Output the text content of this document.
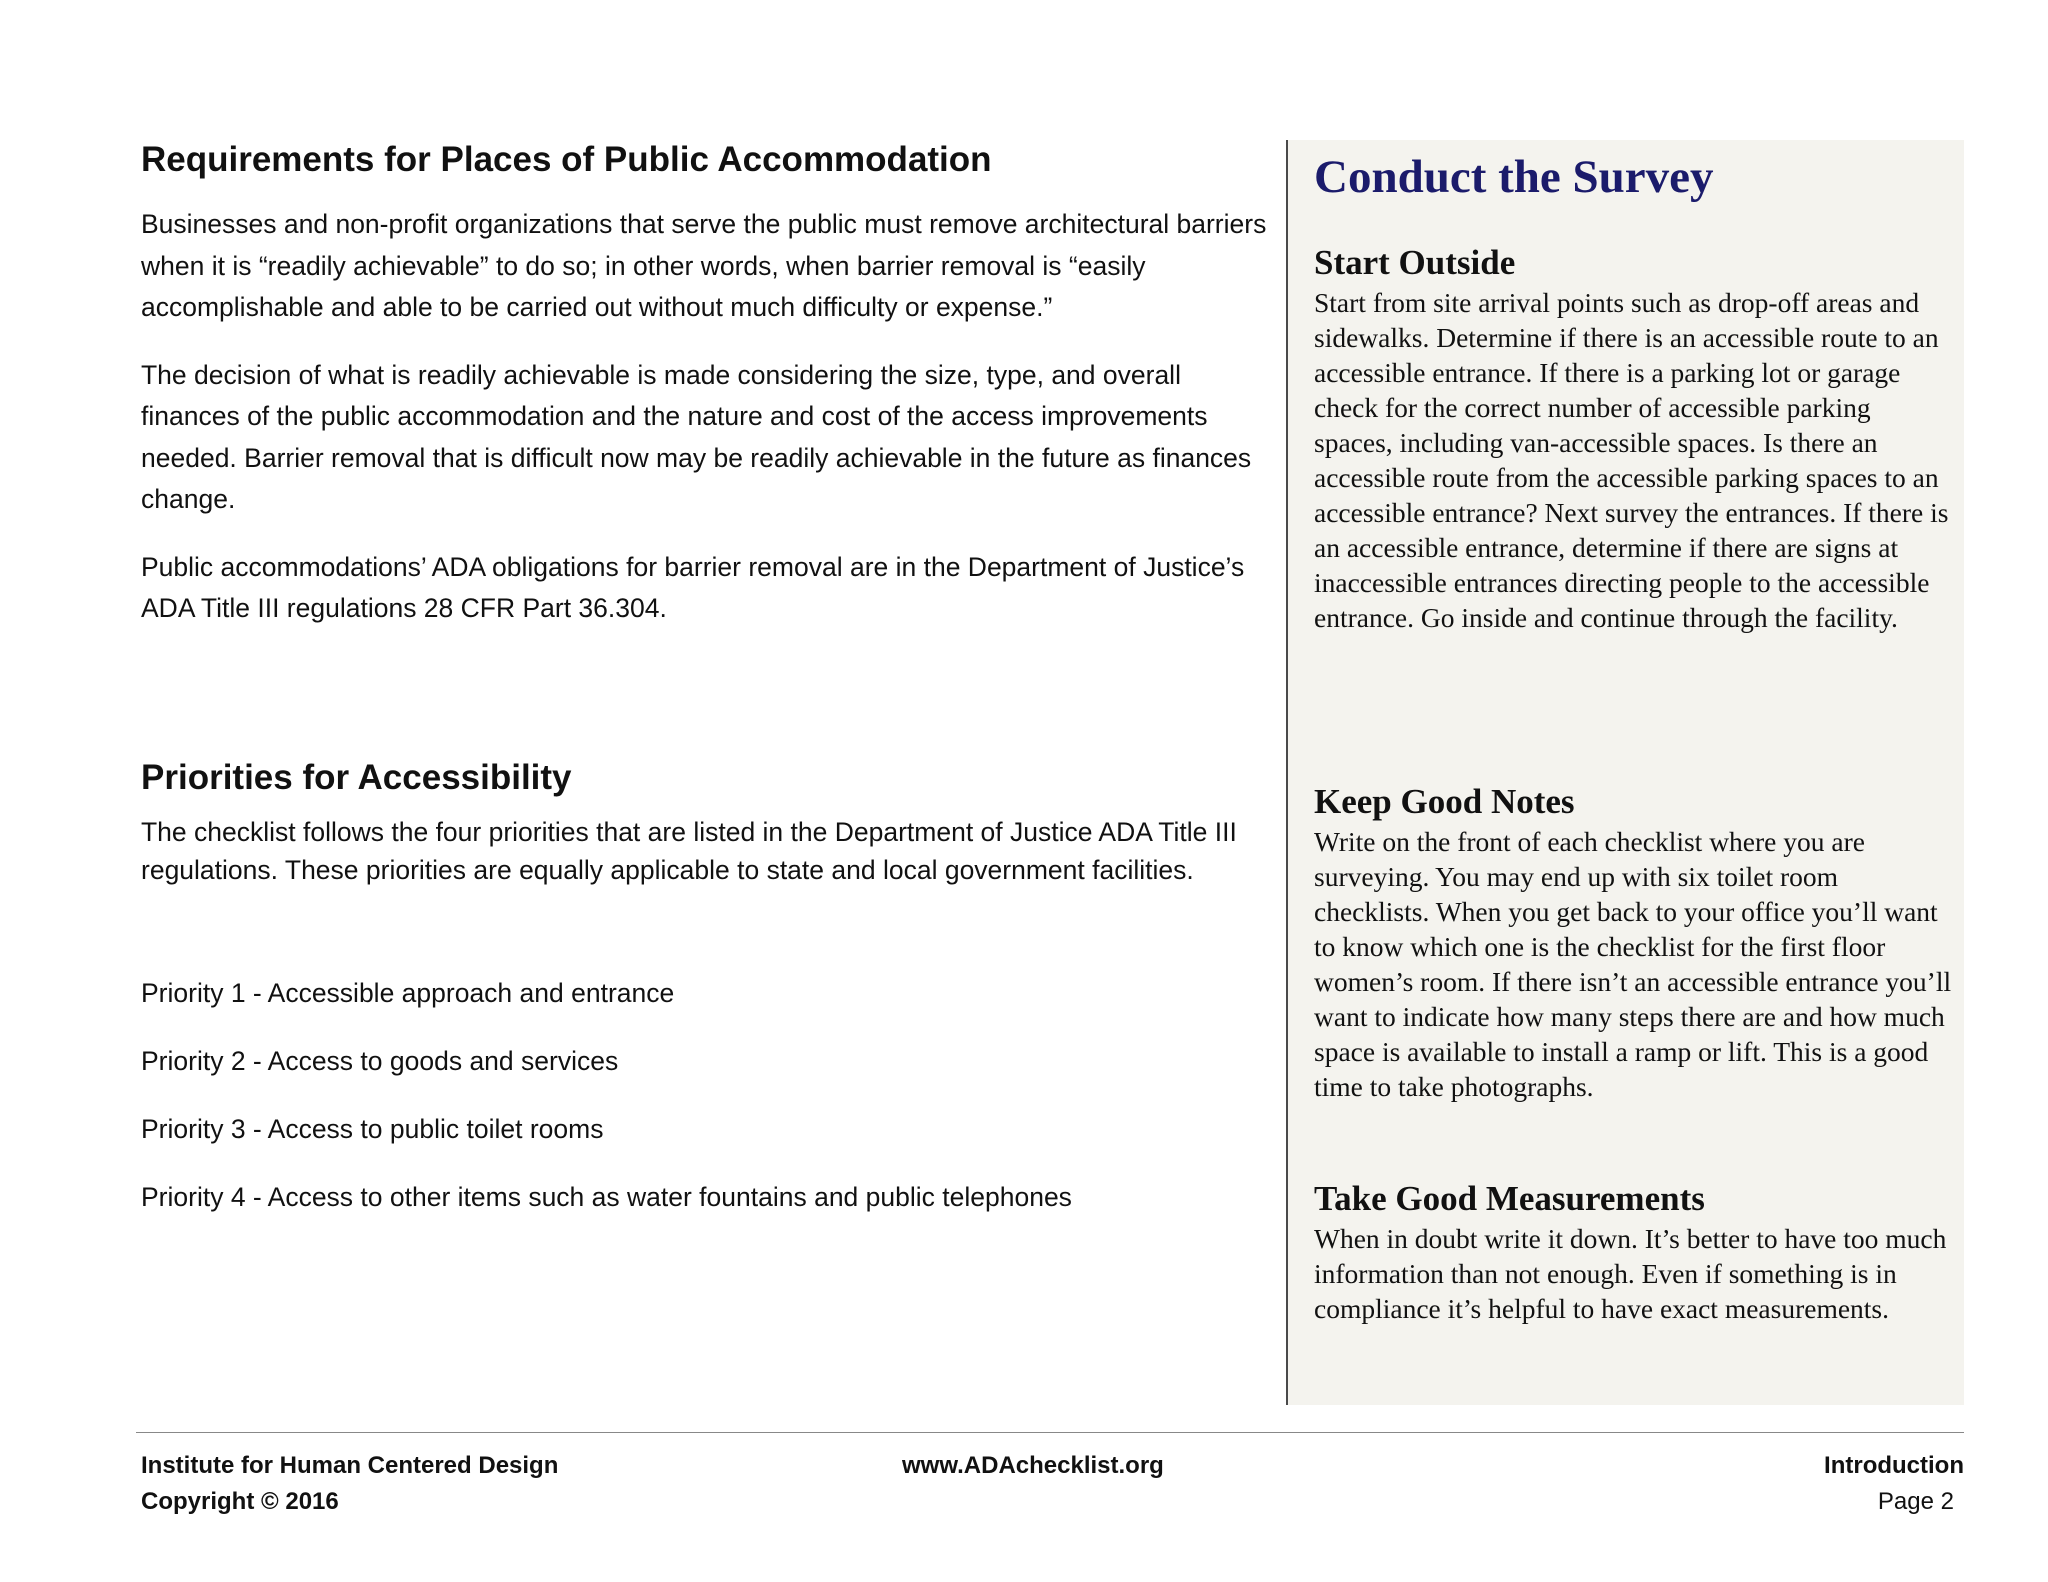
Requirements for Places of Public Accommodation

Businesses and non-profit organizations that serve the public must remove architectural barriers when it is “readily achievable” to do so; in other words, when barrier removal is “easily accomplishable and able to be carried out without much difficulty or expense.”

The decision of what is readily achievable is made considering the size, type, and overall finances of the public accommodation and the nature and cost of the access improvements needed. Barrier removal that is difficult now may be readily achievable in the future as finances change.

Public accommodations’ ADA obligations for barrier removal are in the Department of Justice’s ADA Title III regulations 28 CFR Part 36.304.

Priorities for Accessibility

The checklist follows the four priorities that are listed in the Department of Justice ADA Title III regulations. These priorities are equally applicable to state and local government facilities.

Priority 1 - Accessible approach and entrance

Priority 2 - Access to goods and services

Priority 3 - Access to public toilet rooms

Priority 4 - Access to other items such as water fountains and public telephones

Conduct the Survey
Start Outside

Start from site arrival points such as drop-off areas and sidewalks. Determine if there is an accessible route to an accessible entrance. If there is a parking lot or garage check for the correct number of accessible parking spaces, including van-accessible spaces. Is there an accessible route from the accessible parking spaces to an accessible entrance? Next survey the entrances. If there is an accessible entrance, determine if there are signs at inaccessible entrances directing people to the accessible entrance. Go inside and continue through the facility.

Keep Good Notes

Write on the front of each checklist where you are surveying. You may end up with six toilet room checklists. When you get back to your office you’ll want to know which one is the checklist for the first floor women’s room. If there isn’t an accessible entrance you’ll want to indicate how many steps there are and how much space is available to install a ramp or lift. This is a good time to take photographs.

Take Good Measurements

When in doubt write it down. It’s better to have too much information than not enough. Even if something is in compliance it’s helpful to have exact measurements.

Institute for Human Centered Design

Copyright © 2016

www.ADAchecklist.org	Introduction

Page 2
